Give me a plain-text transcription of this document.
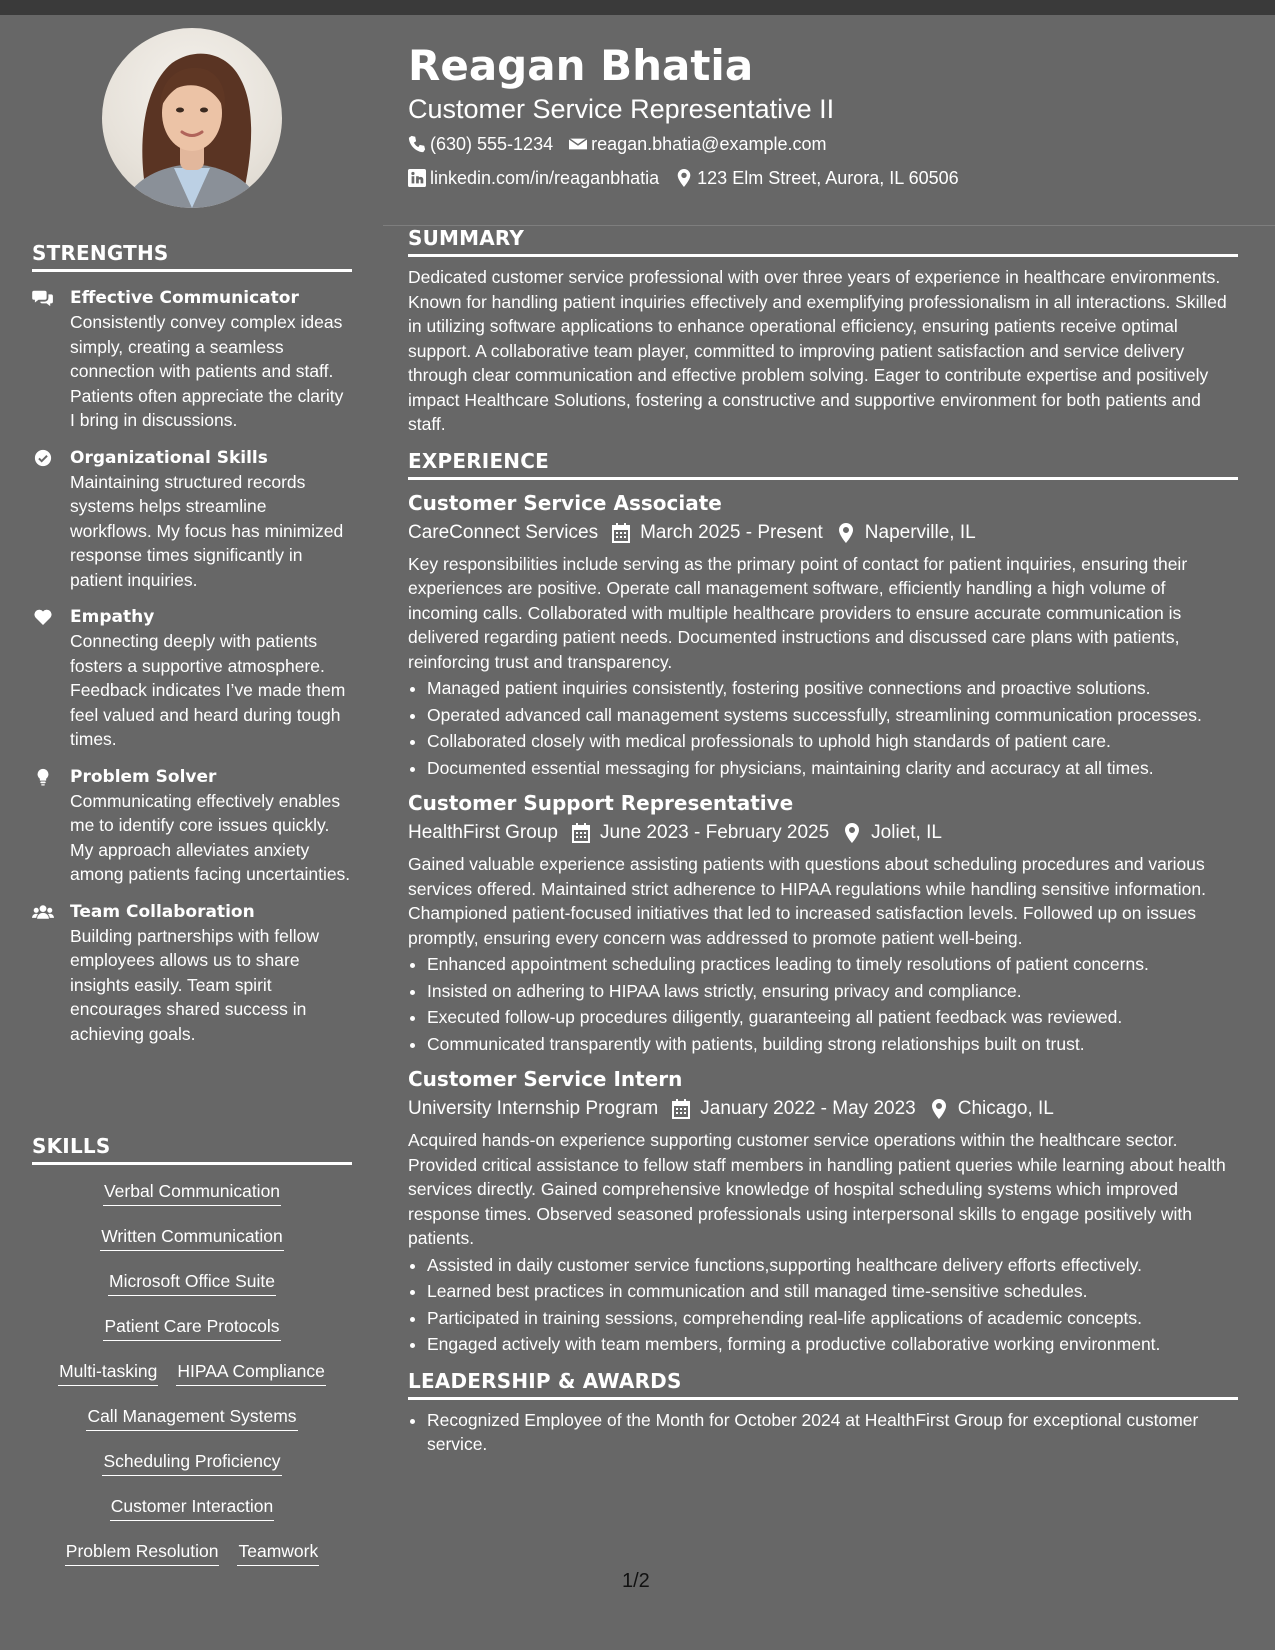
STRENGTHS
Effective Communicator
Consistently convey complex ideas simply, creating a seamless connection with patients and staff. Patients often appreciate the clarity I bring in discussions.
Organizational Skills
Maintaining structured records systems helps streamline workflows. My focus has minimized response times significantly in patient inquiries.
Empathy
Connecting deeply with patients fosters a supportive atmosphere. Feedback indicates I’ve made them feel valued and heard during tough times.
Problem Solver
Communicating effectively enables me to identify core issues quickly. My approach alleviates anxiety among patients facing uncertainties.
Team Collaboration
Building partnerships with fellow employees allows us to share insights easily. Team spirit encourages shared success in achieving goals.
SKILLS
Verbal Communication
Written Communication
Microsoft Office Suite
Patient Care Protocols
Multi-tasking HIPAA Compliance
Call Management Systems
Scheduling Proficiency
Customer Interaction
Problem Resolution Teamwork
Reagan Bhatia
Customer Service Representative II
(630) 555-1234 reagan.bhatia@example.com
linkedin.com/in/reaganbhatia 123 Elm Street, Aurora, IL 60506
SUMMARY

Dedicated customer service professional with over three years of experience in healthcare environments. Known for handling patient inquiries effectively and exemplifying professionalism in all interactions. Skilled in utilizing software applications to enhance operational efficiency, ensuring patients receive optimal support. A collaborative team player, committed to improving patient satisfaction and service delivery through clear communication and effective problem solving. Eager to contribute expertise and positively impact Healthcare Solutions, fostering a constructive and supportive environment for both patients and staff.

EXPERIENCE
Customer Service Associate
CareConnect Services March 2025 - Present Naperville, IL
Key responsibilities include serving as the primary point of contact for patient inquiries, ensuring their experiences are positive. Operate call management software, efficiently handling a high volume of incoming calls. Collaborated with multiple healthcare providers to ensure accurate communication is delivered regarding patient needs. Documented instructions and discussed care plans with patients, reinforcing trust and transparency.
• Managed patient inquiries consistently, fostering positive connections and proactive solutions.
• Operated advanced call management systems successfully, streamlining communication processes.
• Collaborated closely with medical professionals to uphold high standards of patient care.
• Documented essential messaging for physicians, maintaining clarity and accuracy at all times.
Customer Support Representative
HealthFirst Group June 2023 - February 2025 Joliet, IL
Gained valuable experience assisting patients with questions about scheduling procedures and various services offered. Maintained strict adherence to HIPAA regulations while handling sensitive information. Championed patient-focused initiatives that led to increased satisfaction levels. Followed up on issues promptly, ensuring every concern was addressed to promote patient well-being.
• Enhanced appointment scheduling practices leading to timely resolutions of patient concerns.
• Insisted on adhering to HIPAA laws strictly, ensuring privacy and compliance.
• Executed follow-up procedures diligently, guaranteeing all patient feedback was reviewed.
• Communicated transparently with patients, building strong relationships built on trust.
Customer Service Intern
University Internship Program January 2022 - May 2023 Chicago, IL
Acquired hands-on experience supporting customer service operations within the healthcare sector. Provided critical assistance to fellow staff members in handling patient queries while learning about health services directly. Gained comprehensive knowledge of hospital scheduling systems which improved response times. Observed seasoned professionals using interpersonal skills to engage positively with patients.
• Assisted in daily customer service functions,supporting healthcare delivery efforts effectively.
• Learned best practices in communication and still managed time-sensitive schedules.
• Participated in training sessions, comprehending real-life applications of academic concepts.
• Engaged actively with team members, forming a productive collaborative working environment.
LEADERSHIP & AWARDS
• Recognized Employee of the Month for October 2024 at HealthFirst Group for exceptional customer service.
1/2
